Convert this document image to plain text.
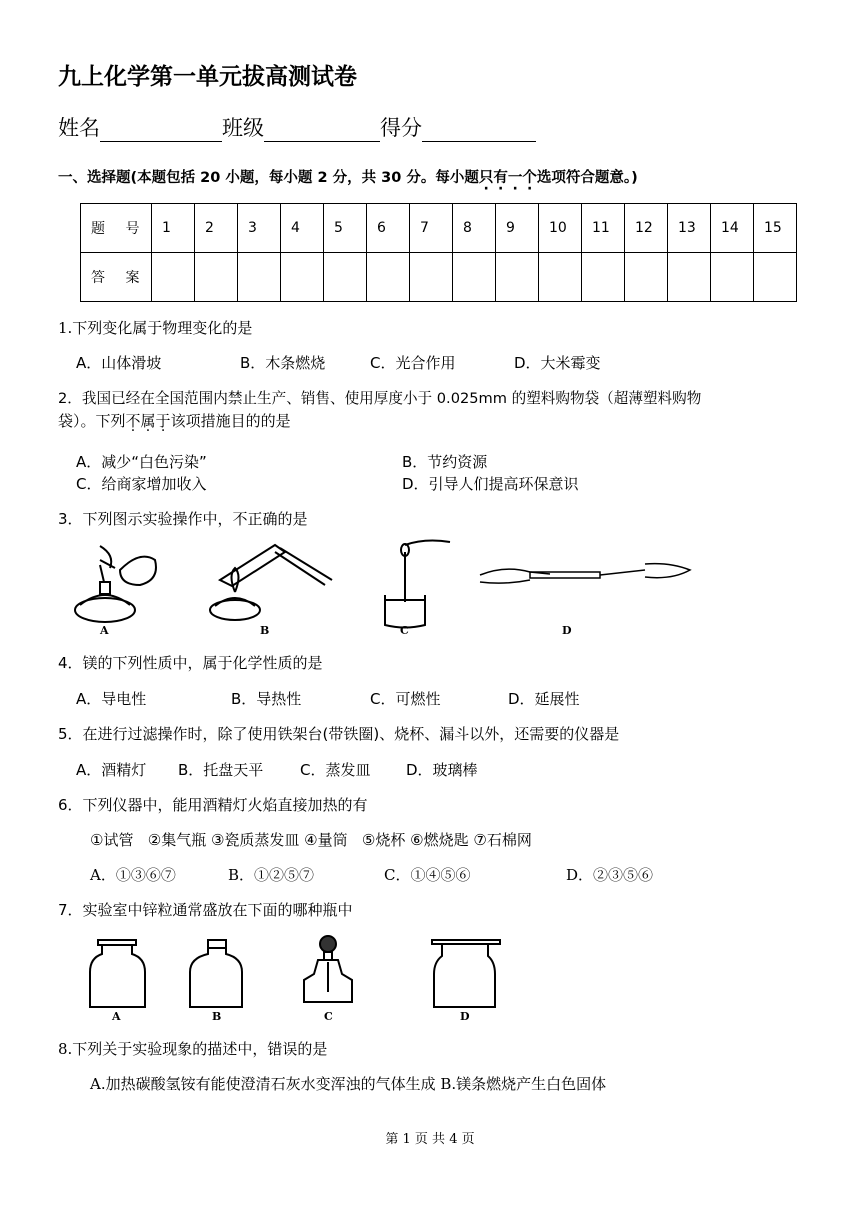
九上化学第一单元拔高测试卷
姓名	班级	得分
一、选择题(本题包括 20 小题，每小题 2 分，共 30 分。每小题只有一个选项符合题意。)
题 号	1	2	3	4	5	6	7	8	9	10	11	12	13	14	15
答 案															
1.下列变化属于物理变化的是
A．山体滑坡	B．木条燃烧	C．光合作用	D．大米霉变
2．我国已经在全国范围内禁止生产、销售、使用厚度小于 0.025mm 的塑料购物袋（超薄塑料购物
袋）。下列不属于该项措施目的的是
A．减少“白色污染”	B．节约资源
C．给商家增加收入	D．引导人们提高环保意识
3．下列图示实验操作中，不正确的是
A	B	C	D
4．镁的下列性质中，属于化学性质的是
A．导电性	B．导热性	C．可燃性	D．延展性
5．在进行过滤操作时，除了使用铁架台(带铁圈)、烧杯、漏斗以外，还需要的仪器是
A．酒精灯 B．托盘天平 C．蒸发皿 D．玻璃棒
6．下列仪器中，能用酒精灯火焰直接加热的有
①试管   ②集气瓶 ③瓷质蒸发皿 ④量筒   ⑤烧杯 ⑥燃烧匙 ⑦石棉网
A．①③⑥⑦	B．①②⑤⑦	C．①④⑤⑥	D．②③⑤⑥
7．实验室中锌粒通常盛放在下面的哪种瓶中
A	B	C	D
8.下列关于实验现象的描述中，错误的是
A.加热碳酸氢铵有能使澄清石灰水变浑浊的气体生成 B.镁条燃烧产生白色固体
第 1 页 共 4 页
